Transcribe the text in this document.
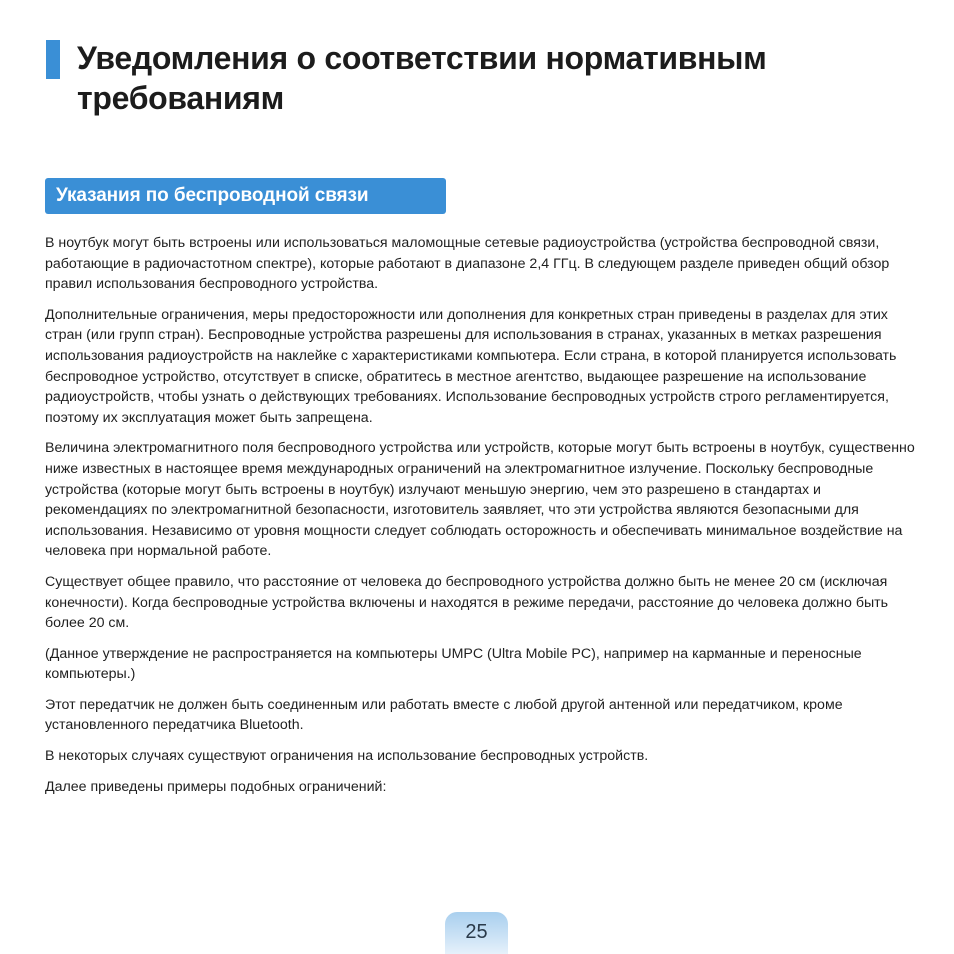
Уведомления о соответствии нормативным требованиям
Указания по беспроводной связи

В ноутбук могут быть встроены или использоваться маломощные сетевые радиоустройства (устройства беспроводной связи, работающие в радиочастотном спектре), которые работают в диапазоне 2,4 ГГц. В следующем разделе приведен общий обзор правил использования беспроводного устройства.

Дополнительные ограничения, меры предосторожности или дополнения для конкретных стран приведены в разделах для этих стран (или групп стран). Беспроводные устройства разрешены для использования в странах, указанных в метках разрешения использования радиоустройств на наклейке с характеристиками компьютера. Если страна, в которой планируется использовать беспроводное устройство, отсутствует в списке, обратитесь в местное агентство, выдающее разрешение на использование радиоустройств, чтобы узнать о действующих требованиях. Использование беспроводных устройств строго регламентируется, поэтому их эксплуатация может быть запрещена.

Величина электромагнитного поля беспроводного устройства или устройств, которые могут быть встроены в ноутбук, существенно ниже известных в настоящее время международных ограничений на электромагнитное излучение. Поскольку беспроводные устройства (которые могут быть встроены в ноутбук) излучают меньшую энергию, чем это разрешено в стандартах и рекомендациях по электромагнитной безопасности, изготовитель заявляет, что эти устройства являются безопасными для использования. Независимо от уровня мощности следует соблюдать осторожность и обеспечивать минимальное воздействие на человека при нормальной работе.

Существует общее правило, что расстояние от человека до беспроводного устройства должно быть не менее 20 см (исключая конечности). Когда беспроводные устройства включены и находятся в режиме передачи, расстояние до человека должно быть более 20 см.

(Данное утверждение не распространяется на компьютеры UMPC (Ultra Mobile PC), например на карманные и переносные компьютеры.)

Этот передатчик не должен быть соединенным или работать вместе с любой другой антенной или передатчиком, кроме установленного передатчика Bluetooth.

В некоторых случаях существуют ограничения на использование беспроводных устройств.

Далее приведены примеры подобных ограничений:

25
